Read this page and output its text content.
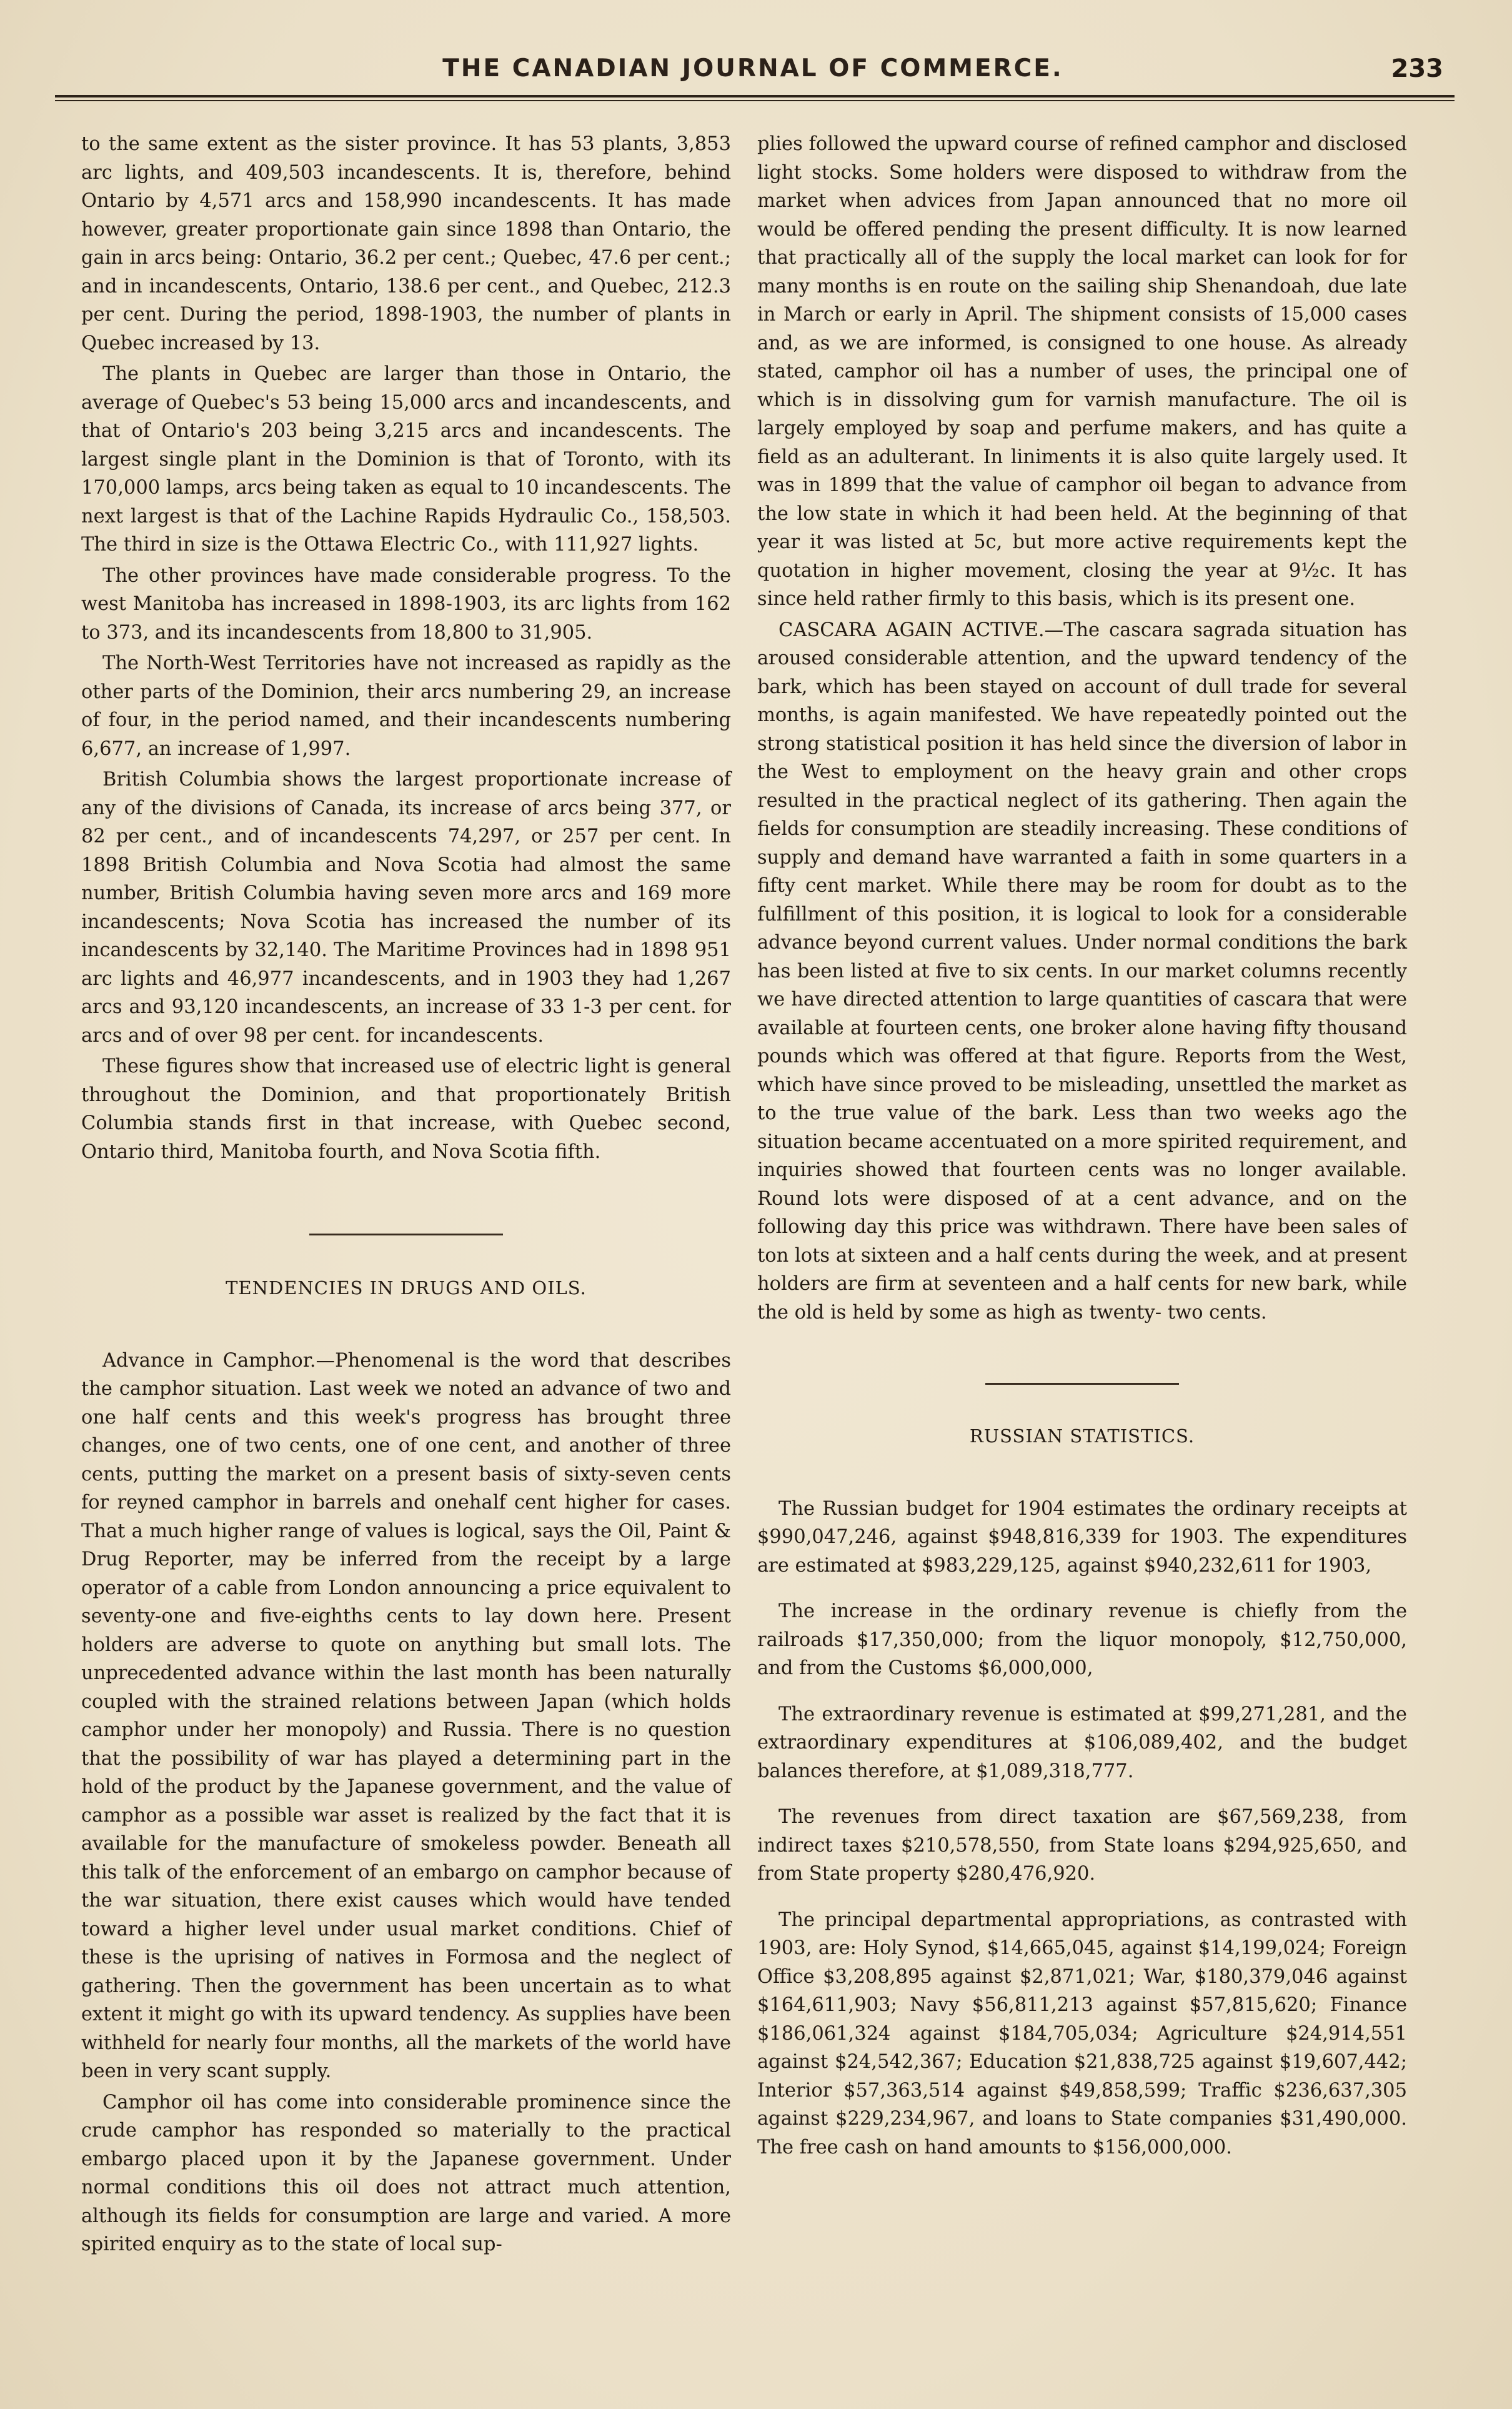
THE CANADIAN JOURNAL OF COMMERCE.	233

to the same extent as the sister province. It has 53 plants, 3,853 arc lights, and 409,503 incandescents. It is, therefore, behind Ontario by 4,571 arcs and 158,990 incandescents. It has made however, greater proportionate gain since 1898 than Ontario, the gain in arcs being: Ontario, 36.2 per cent.; Quebec, 47.6 per cent.; and in incandescents, Ontario, 138.6 per cent., and Quebec, 212.3 per cent. During the period, 1898-1903, the number of plants in Quebec increased by 13.

The plants in Quebec are larger than those in Ontario, the average of Quebec's 53 being 15,000 arcs and incandescents, and that of Ontario's 203 being 3,215 arcs and incandescents. The largest single plant in the Dominion is that of Toronto, with its 170,000 lamps, arcs being taken as equal to 10 incandescents. The next largest is that of the Lachine Rapids Hydraulic Co., 158,503. The third in size is the Ottawa Electric Co., with 111,927 lights.

The other provinces have made considerable progress. To the west Manitoba has increased in 1898-1903, its arc lights from 162 to 373, and its incandescents from 18,800 to 31,905.

The North-West Territories have not increased as rapidly as the other parts of the Dominion, their arcs numbering 29, an increase of four, in the period named, and their incandescents numbering 6,677, an increase of 1,997.

British Columbia shows the largest proportionate increase of any of the divisions of Canada, its increase of arcs being 377, or 82 per cent., and of incandescents 74,297, or 257 per cent. In 1898 British Columbia and Nova Scotia had almost the same number, British Columbia having seven more arcs and 169 more incandescents; Nova Scotia has increased the number of its incandescents by 32,140. The Maritime Provinces had in 1898 951 arc lights and 46,977 incandescents, and in 1903 they had 1,267 arcs and 93,120 incandescents, an increase of 33 1-3 per cent. for arcs and of over 98 per cent. for incandescents.

These figures show that increased use of electric light is general throughout the Dominion, and that proportionately British Columbia stands first in that increase, with Quebec second, Ontario third, Manitoba fourth, and Nova Scotia fifth.

TENDENCIES IN DRUGS AND OILS.

Advance in Camphor.—Phenomenal is the word that describes the camphor situation. Last week we noted an advance of two and one half cents and this week's progress has brought three changes, one of two cents, one of one cent, and another of three cents, putting the market on a present basis of sixty-seven cents for reyned camphor in barrels and onehalf cent higher for cases. That a much higher range of values is logical, says the Oil, Paint & Drug Reporter, may be inferred from the receipt by a large operator of a cable from London announcing a price equivalent to seventy-one and five-eighths cents to lay down here. Present holders are adverse to quote on anything but small lots. The unprecedented advance within the last month has been naturally coupled with the strained relations between Japan (which holds camphor under her monopoly) and Russia. There is no question that the possibility of war has played a determining part in the hold of the product by the Japanese government, and the value of camphor as a possible war asset is realized by the fact that it is available for the manufacture of smokeless powder. Beneath all this talk of the enforcement of an embargo on camphor because of the war situation, there exist causes which would have tended toward a higher level under usual market conditions. Chief of these is the uprising of natives in Formosa and the neglect of gathering. Then the government has been uncertain as to what extent it might go with its upward tendency. As supplies have been withheld for nearly four months, all the markets of the world have been in very scant supply.

Camphor oil has come into considerable prominence since the crude camphor has responded so materially to the practical embargo placed upon it by the Japanese government. Under normal conditions this oil does not attract much attention, although its fields for consumption are large and varied. A more spirited enquiry as to the state of local sup-

plies followed the upward course of refined camphor and disclosed light stocks. Some holders were disposed to withdraw from the market when advices from Japan announced that no more oil would be offered pending the present difficulty. It is now learned that practically all of the supply the local market can look for for many months is en route on the sailing ship Shenandoah, due late in March or early in April. The shipment consists of 15,000 cases and, as we are informed, is consigned to one house. As already stated, camphor oil has a number of uses, the principal one of which is in dissolving gum for varnish manufacture. The oil is largely employed by soap and perfume makers, and has quite a field as an adulterant. In liniments it is also quite largely used. It was in 1899 that the value of camphor oil began to advance from the low state in which it had been held. At the beginning of that year it was listed at 5c, but more active requirements kept the quotation in higher movement, closing the year at 9½c. It has since held rather firmly to this basis, which is its present one.

CASCARA AGAIN ACTIVE.—The cascara sagrada situation has aroused considerable attention, and the upward tendency of the bark, which has been stayed on account of dull trade for several months, is again manifested. We have repeatedly pointed out the strong statistical position it has held since the diversion of labor in the West to employment on the heavy grain and other crops resulted in the practical neglect of its gathering. Then again the fields for consumption are steadily increasing. These conditions of supply and demand have warranted a faith in some quarters in a fifty cent market. While there may be room for doubt as to the fulfillment of this position, it is logical to look for a considerable advance beyond current values. Under normal conditions the bark has been listed at five to six cents. In our market columns recently we have directed attention to large quantities of cascara that were available at fourteen cents, one broker alone having fifty thousand pounds which was offered at that figure. Reports from the West, which have since proved to be misleading, unsettled the market as to the true value of the bark. Less than two weeks ago the situation became accentuated on a more spirited requirement, and inquiries showed that fourteen cents was no longer available. Round lots were disposed of at a cent advance, and on the following day this price was withdrawn. There have been sales of ton lots at sixteen and a half cents during the week, and at present holders are firm at seventeen and a half cents for new bark, while the old is held by some as high as twenty- two cents.

RUSSIAN STATISTICS.

The Russian budget for 1904 estimates the ordinary receipts at $990,047,246, against $948,816,339 for 1903. The expenditures are estimated at $983,229,125, against $940,232,611 for 1903,

The increase in the ordinary revenue is chiefly from the railroads $17,350,000; from the liquor monopoly, $12,750,000, and from the Customs $6,000,000,

The extraordinary revenue is estimated at $99,271,281, and the extraordinary expenditures at $106,089,402, and the budget balances therefore, at $1,089,318,777.

The revenues from direct taxation are $67,569,238, from indirect taxes $210,578,550, from State loans $294,925,650, and from State property $280,476,920.

The principal departmental appropriations, as contrasted with 1903, are: Holy Synod, $14,665,045, against $14,199,024; Foreign Office $3,208,895 against $2,871,021; War, $180,379,046 against $164,611,903; Navy $56,811,213 against $57,815,620; Finance $186,061,324 against $184,705,034; Agriculture $24,914,551 against $24,542,367; Education $21,838,725 against $19,607,442; Interior $57,363,514 against $49,858,599; Traffic $236,637,305 against $229,234,967, and loans to State companies $31,490,000. The free cash on hand amounts to $156,000,000.
